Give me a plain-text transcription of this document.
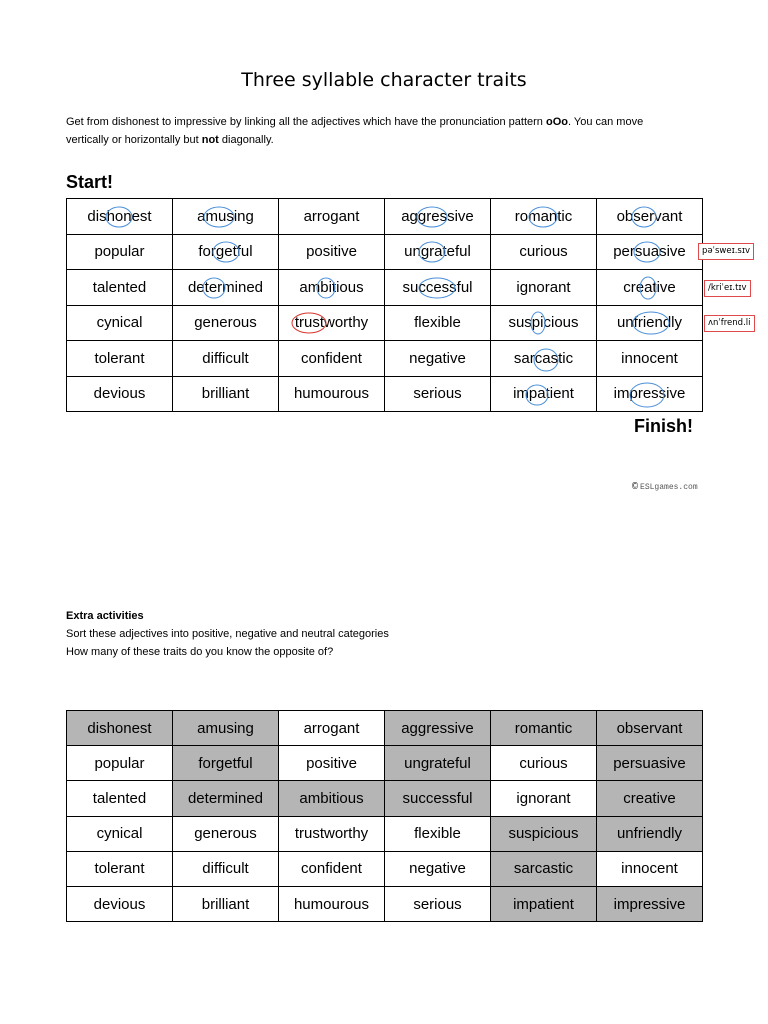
Three syllable character traits
Get from dishonest to impressive by linking all the adjectives which have the pronunciation pattern oOo. You can move
vertically or horizontally but not diagonally.
Start!
dishonest	amusing	arrogant	aggressive	romantic	observant
popular	forgetful	positive	ungrateful	curious	persuasive
talented	determined	ambitious	successful	ignorant	creative
cynical	generous	trustworthy	flexible	suspicious	unfriendly
tolerant	difficult	confident	negative	sarcastic	innocent
devious	brilliant	humourous	serious	impatient	impressive
pəˈsweɪ.sɪv
/kriˈeɪ.tɪv
ʌnˈfrend.li
Finish!
© ESLgames.com
Extra activities
Sort these adjectives into positive, negative and neutral categories
How many of these traits do you know the opposite of?
dishonest	amusing	arrogant	aggressive	romantic	observant
popular	forgetful	positive	ungrateful	curious	persuasive
talented	determined	ambitious	successful	ignorant	creative
cynical	generous	trustworthy	flexible	suspicious	unfriendly
tolerant	difficult	confident	negative	sarcastic	innocent
devious	brilliant	humourous	serious	impatient	impressive
